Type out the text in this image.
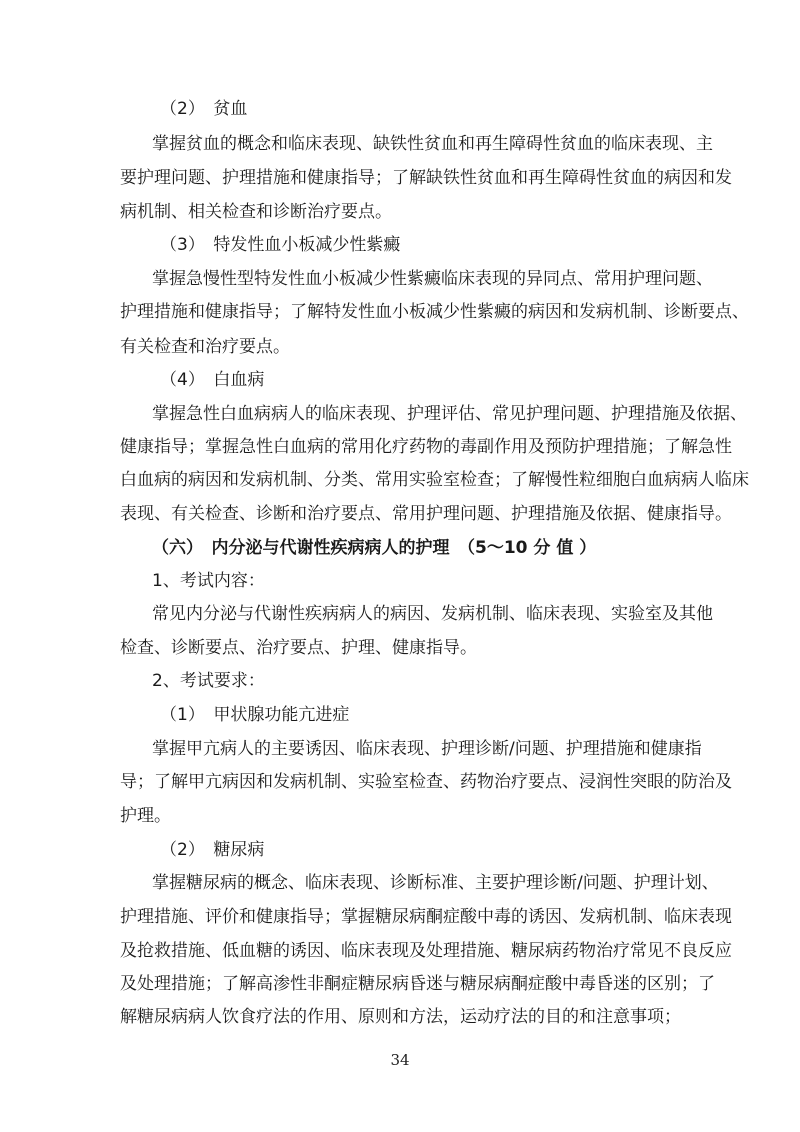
（2）　贫血
掌握贫血的概念和临床表现、缺铁性贫血和再生障碍性贫血的临床表现、主
要护理问题、护理措施和健康指导；了解缺铁性贫血和再生障碍性贫血的病因和发
病机制、相关检查和诊断治疗要点。
（3）　特发性血小板减少性紫癜
掌握急慢性型特发性血小板减少性紫癜临床表现的异同点、常用护理问题、
护理措施和健康指导；了解特发性血小板减少性紫癜的病因和发病机制、诊断要点、
有关检查和治疗要点。
（4）　白血病
掌握急性白血病病人的临床表现、护理评估、常见护理问题、护理措施及依据、
健康指导；掌握急性白血病的常用化疗药物的毒副作用及预防护理措施；了解急性
白血病的病因和发病机制、分类、常用实验室检查；了解慢性粒细胞白血病病人临床
表现、有关检查、诊断和治疗要点、常用护理问题、护理措施及依据、健康指导。
（六）　内分泌与代谢性疾病病人的护理　（5～10 分 值 ）
1、考试内容：
常见内分泌与代谢性疾病病人的病因、发病机制、临床表现、实验室及其他
检查、诊断要点、治疗要点、护理、健康指导。
2、考试要求：
（1）　甲状腺功能亢进症
掌握甲亢病人的主要诱因、临床表现、护理诊断/问题、护理措施和健康指
导；了解甲亢病因和发病机制、实验室检查、药物治疗要点、浸润性突眼的防治及
护理。
（2）　糖尿病
掌握糖尿病的概念、临床表现、诊断标准、主要护理诊断/问题、护理计划、
护理措施、评价和健康指导；掌握糖尿病酮症酸中毒的诱因、发病机制、临床表现
及抢救措施、低血糖的诱因、临床表现及处理措施、糖尿病药物治疗常见不良反应
及处理措施；了解高渗性非酮症糖尿病昏迷与糖尿病酮症酸中毒昏迷的区别；了
解糖尿病病人饮食疗法的作用、原则和方法，运动疗法的目的和注意事项；
34
